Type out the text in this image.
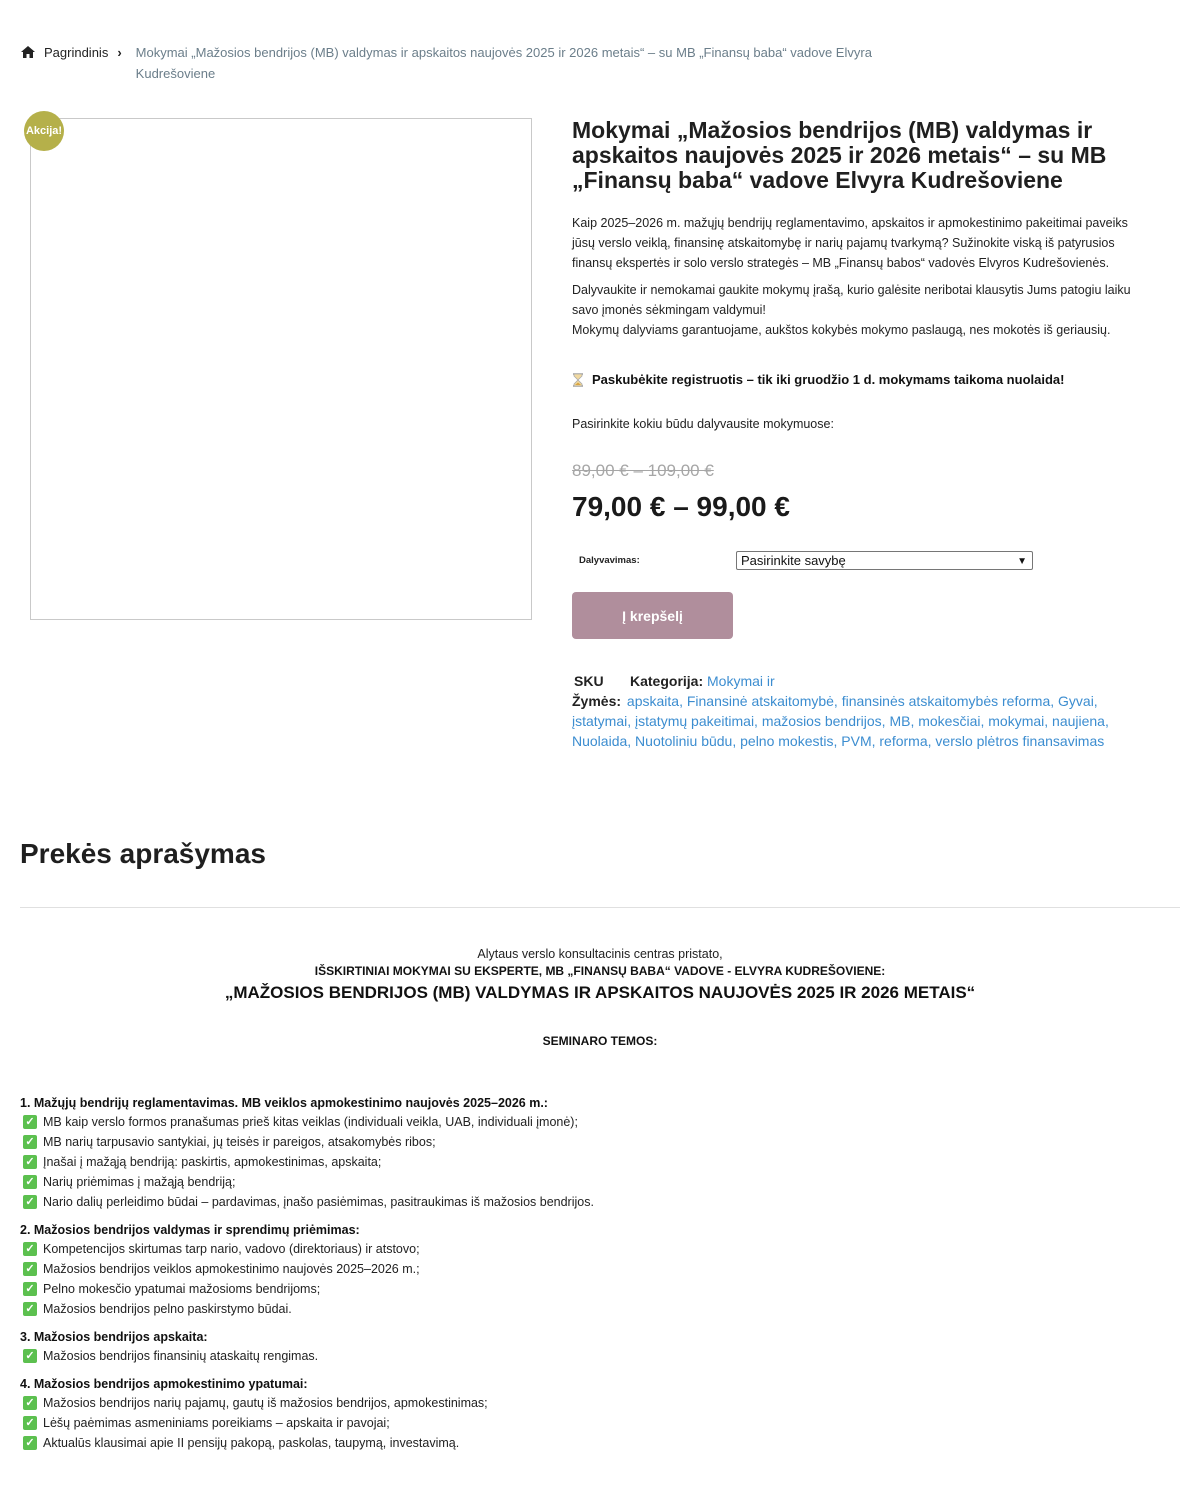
Pagrindinis › Mokymai „Mažosios bendrijos (MB) valdymas ir apskaitos naujovės 2025 ir 2026 metais“ – su MB „Finansų baba“ vadove Elvyra Kudrešoviene
Akcija!	Mokymai „Mažosios bendrijos (MB) valdymas ir apskaitos naujovės 2025 ir 2026 metais“ – su MB „Finansų baba“ vadove Elvyra Kudrešoviene

Kaip 2025–2026 m. mažųjų bendrijų reglamentavimo, apskaitos ir apmokestinimo pakeitimai paveiks jūsų verslo veiklą, finansinę atskaitomybę ir narių pajamų tvarkymą? Sužinokite viską iš patyrusios finansų ekspertės ir solo verslo strategės – MB „Finansų babos“ vadovės Elvyros Kudrešovienės.

Dalyvaukite ir nemokamai gaukite mokymų įrašą, kurio galėsite neribotai klausytis Jums patogiu laiku savo įmonės sėkmingam valdymui!
Mokymų dalyviams garantuojame, aukštos kokybės mokymo paslaugą, nes mokotės iš geriausių.

Paskubėkite registruotis – tik iki gruodžio 1 d. mokymams taikoma nuolaida!
Pasirinkite kokiu būdu dalyvausite mokymuose:
89,00 € – 109,00 €
79,00 € – 99,00 €
Dalyvavimas:	Pasirinkite savybę	▼
Į krepšelį
SKU Kategorija: Mokymai ir
Žymės: apskaita, Finansinė atskaitomybė, finansinės atskaitomybės reforma, Gyvai,
įstatymai, įstatymų pakeitimai, mažosios bendrijos, MB, mokesčiai, mokymai, naujiena,
Nuolaida, Nuotoliniu būdu, pelno mokestis, PVM, reforma, verslo plėtros finansavimas
Prekės aprašymas
Alytaus verslo konsultacinis centras pristato,
IŠSKIRTINIAI MOKYMAI SU EKSPERTE, MB „FINANSŲ BABA“ VADOVE - ELVYRA KUDREŠOVIENE:
„MAŽOSIOS BENDRIJOS (MB) VALDYMAS IR APSKAITOS NAUJOVĖS 2025 IR 2026 METAIS“
SEMINARO TEMOS:
1. Mažųjų bendrijų reglamentavimas. MB veiklos apmokestinimo naujovės 2025–2026 m.:
✓ MB kaip verslo formos pranašumas prieš kitas veiklas (individuali veikla, UAB, individuali įmonė);
✓ MB narių tarpusavio santykiai, jų teisės ir pareigos, atsakomybės ribos;
✓ Įnašai į mažąją bendriją: paskirtis, apmokestinimas, apskaita;
✓ Narių priėmimas į mažąją bendriją;
✓ Nario dalių perleidimo būdai – pardavimas, įnašo pasiėmimas, pasitraukimas iš mažosios bendrijos.
2. Mažosios bendrijos valdymas ir sprendimų priėmimas:
✓ Kompetencijos skirtumas tarp nario, vadovo (direktoriaus) ir atstovo;
✓ Mažosios bendrijos veiklos apmokestinimo naujovės 2025–2026 m.;
✓ Pelno mokesčio ypatumai mažosioms bendrijoms;
✓ Mažosios bendrijos pelno paskirstymo būdai.
3. Mažosios bendrijos apskaita:
✓ Mažosios bendrijos finansinių ataskaitų rengimas.
4. Mažosios bendrijos apmokestinimo ypatumai:
✓ Mažosios bendrijos narių pajamų, gautų iš mažosios bendrijos, apmokestinimas;
✓ Lėšų paėmimas asmeniniams poreikiams – apskaita ir pavojai;
✓ Aktualūs klausimai apie II pensijų pakopą, paskolas, taupymą, investavimą.
